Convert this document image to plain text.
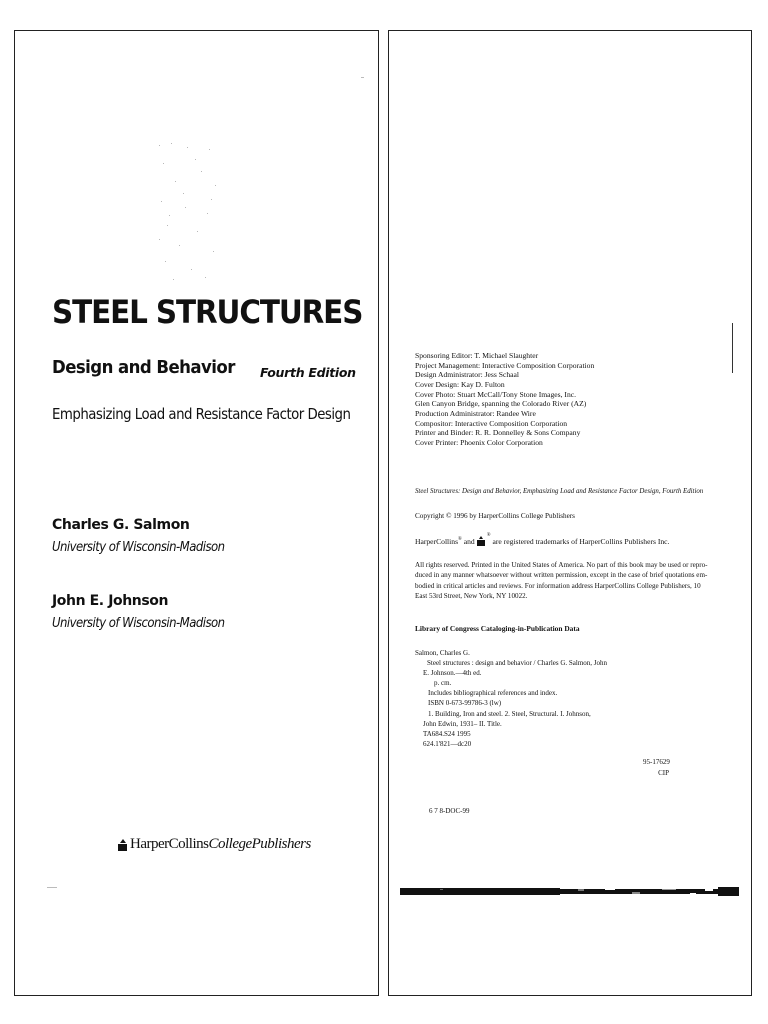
STEEL STRUCTURES
Design and Behavior Fourth Edition
Emphasizing Load and Resistance Factor Design
Charles G. Salmon
University of Wisconsin-Madison
John E. Johnson
University of Wisconsin-Madison
HarperCollinsCollegePublishers
Sponsoring Editor: T. Michael Slaughter
Project Management: Interactive Composition Corporation
Design Administrator: Jess Schaal
Cover Design: Kay D. Fulton
Cover Photo: Stuart McCall/Tony Stone Images, Inc.
Glen Canyon Bridge, spanning the Colorado River (AZ)
Production Administrator: Randee Wire
Compositor: Interactive Composition Corporation
Printer and Binder: R. R. Donnelley & Sons Company
Cover Printer: Phoenix Color Corporation
Steel Structures: Design and Behavior, Emphasizing Load and Resistance Factor Design, Fourth Edition
Copyright © 1996 by HarperCollins College Publishers
HarperCollins®
and
®
are registered trademarks of HarperCollins Publishers Inc.
All rights reserved. Printed in the United States of America. No part of this book may be used or repro-
duced in any manner whatsoever without written permission, except in the case of brief quotations em-
bodied in critical articles and reviews. For information address HarperCollins College Publishers, 10
East 53rd Street, New York, NY 10022.
Library of Congress Cataloging-in-Publication Data
Salmon, Charles G.
Steel structures : design and behavior / Charles G. Salmon, John
E. Johnson.—4th ed.
p. cm.
Includes bibliographical references and index.
ISBN 0-673-99786-3 (lw)
1. Building, Iron and steel. 2. Steel, Structural. I. Johnson,
John Edwin, 1931– II. Title.
TA684.S24 1995
624.1'821—dc20
95-17629
CIP
6 7 8-DOC-99
